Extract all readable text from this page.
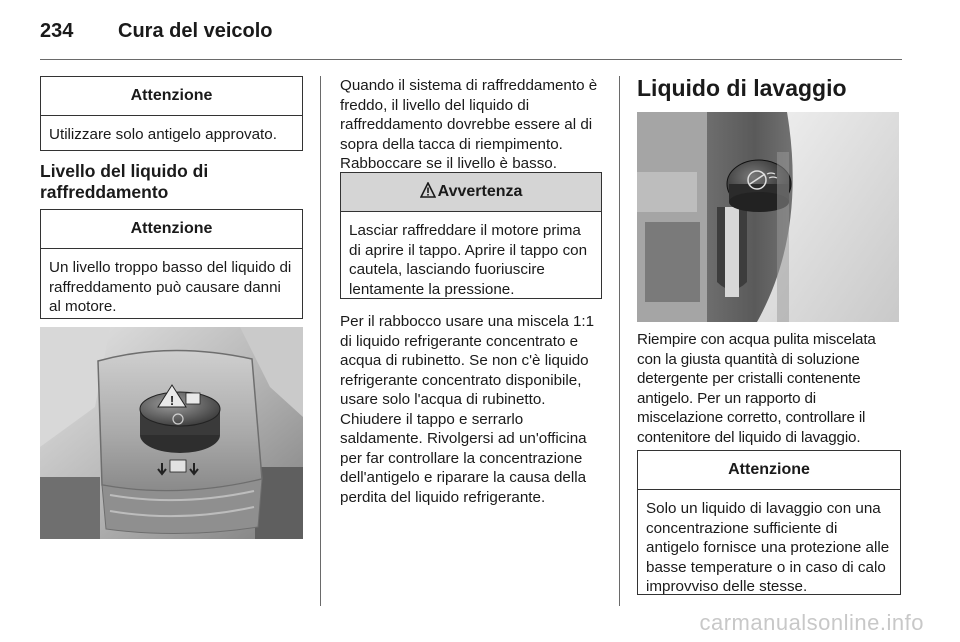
234 Cura del veicolo
Attenzione
Utilizzare solo antigelo approvato.
Livello del liquido di raffreddamento
Attenzione
Un livello troppo basso del liquido di raffreddamento può causare danni al motore.
!
Quando il sistema di raffreddamento è freddo, il livello del liquido di raffreddamento dovrebbe essere al di sopra della tacca di riempimento. Rabboccare se il livello è basso.
Avvertenza
Lasciar raffreddare il motore prima di aprire il tappo. Aprire il tappo con cautela, lasciando fuoriuscire lentamente la pressione.
Per il rabbocco usare una miscela 1:1 di liquido refrigerante concentrato e acqua di rubinetto. Se non c'è liquido refrigerante concentrato disponibile, usare solo l'acqua di rubinetto. Chiudere il tappo e serrarlo saldamente. Rivolgersi ad un'officina per far controllare la concentrazione dell'antigelo e riparare la causa della perdita del liquido refrigerante.
Liquido di lavaggio
Riempire con acqua pulita miscelata con la giusta quantità di soluzione detergente per cristalli contenente antigelo. Per un rapporto di miscelazione corretto, controllare il contenitore del liquido di lavaggio.
Attenzione
Solo un liquido di lavaggio con una concentrazione sufficiente di antigelo fornisce una protezione alle basse temperature o in caso di calo improvviso delle stesse.
carmanualsonline.info
